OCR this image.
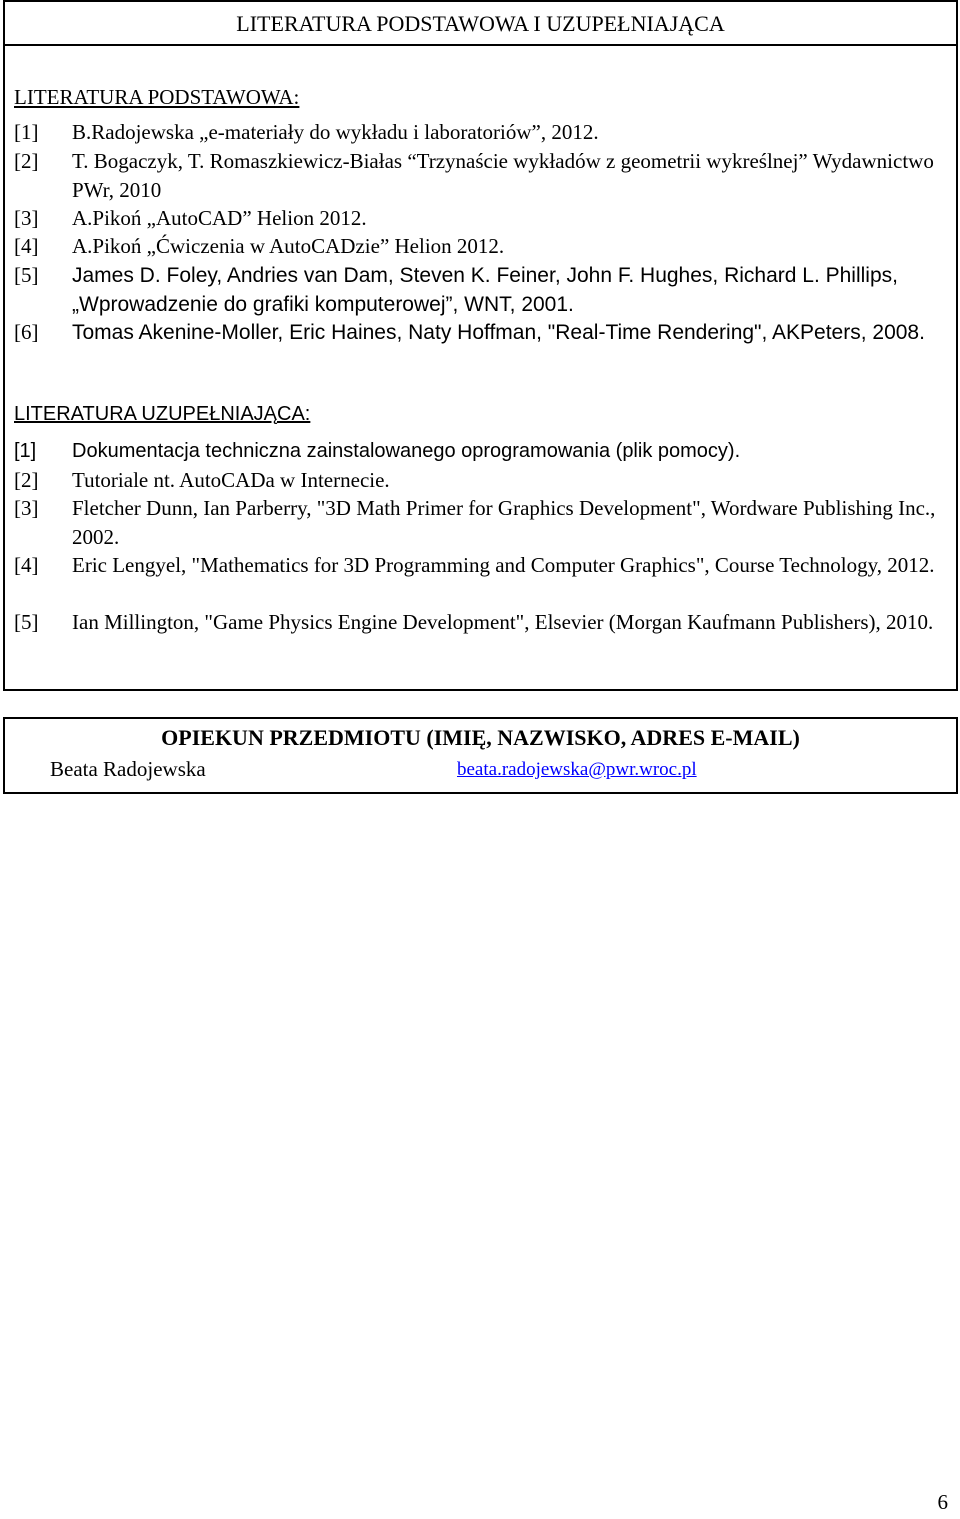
LITERATURA PODSTAWOWA I UZUPEŁNIAJĄCA
LITERATURA PODSTAWOWA:
[1]	B.Radojewska „e-materiały do wykładu i laboratoriów”, 2012.
[2]	T. Bogaczyk, T. Romaszkiewicz-Białas “Trzynaście wykładów z geometrii wykreślnej” Wydawnictwo PWr, 2010
[3]	A.Pikoń „AutoCAD” Helion 2012.
[4]	A.Pikoń „Ćwiczenia w AutoCADzie” Helion 2012.
[5]	James D. Foley, Andries van Dam, Steven K. Feiner, John F. Hughes, Richard L. Phillips, „Wprowadzenie do grafiki komputerowej”, WNT, 2001.
[6]	Tomas Akenine-Moller, Eric Haines, Naty Hoffman, "Real-Time Rendering", AKPeters, 2008.
LITERATURA UZUPEŁNIAJĄCA:
[1]	Dokumentacja techniczna zainstalowanego oprogramowania (plik pomocy).
[2]	Tutoriale nt. AutoCADa w Internecie.
[3]	Fletcher Dunn, Ian Parberry, "3D Math Primer for Graphics Development", Wordware Publishing Inc., 2002.
[4]	Eric Lengyel, "Mathematics for 3D Programming and Computer Graphics", Course Technology, 2012.
[5]	Ian Millington, "Game Physics Engine Development", Elsevier (Morgan Kaufmann Publishers), 2010.
OPIEKUN PRZEDMIOTU (IMIĘ, NAZWISKO, ADRES E-MAIL)
Beata Radojewska	beata.radojewska@pwr.wroc.pl
6
